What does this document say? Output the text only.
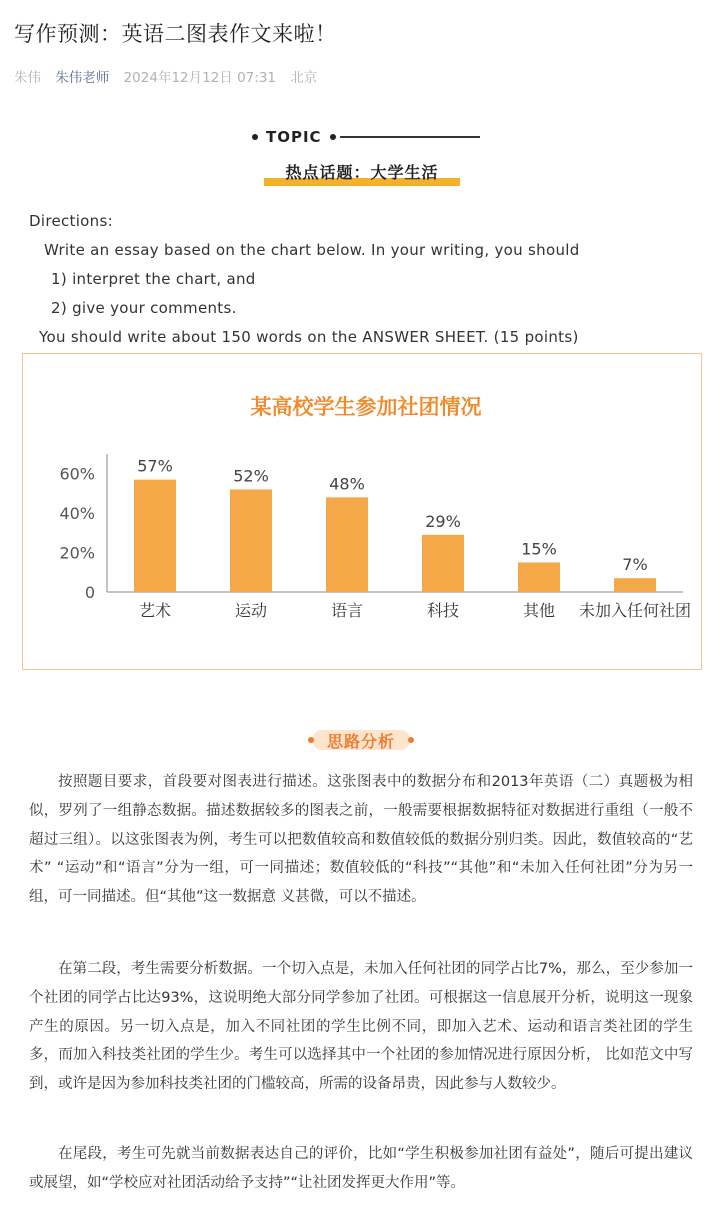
写作预测：英语二图表作文来啦！
朱伟 朱伟老师 2024年12月12日 07:31 北京
TOPIC
热点话题：大学生活
Directions:
Write an essay based on the chart below. In your writing, you should
1) interpret the chart, and
2) give your comments.
You should write about 150 words on the ANSWER SHEET. (15 points)
某高校学生参加社团情况
0
20%
40%
60%	57%
艺术
52%
运动
48%
语言
29%
科技
15%
其他
7%
未加入任何社团
思路分析

按照题目要求，首段要对图表进行描述。这张图表中的数据分布和2013年英语（二）真题极为相似，罗列了一组静态数据。描述数据较多的图表之前，一般需要根据数据特征对数据进行重组（一般不超过三组）。以这张图表为例，考生可以把数值较高和数值较低的数据分别归类。因此，数值较高的“艺术” “运动”和“语言”分为一组，可一同描述；数值较低的“科技”“其他”和“未加入任何社团”分为另一组，可一同描述。但“其他”这一数据意 义甚微，可以不描述。

在第二段，考生需要分析数据。一个切入点是，未加入任何社团的同学占比7%，那么，至少参加一个社团的同学占比达93%，这说明绝大部分同学参加了社团。可根据这一信息展开分析，说明这一现象产生的原因。另一切入点是，加入不同社团的学生比例不同，即加入艺术、运动和语言类社团的学生多，而加入科技类社团的学生少。考生可以选择其中一个社团的参加情况进行原因分析， 比如范文中写到，或许是因为参加科技类社团的门槛较高，所需的设备昂贵，因此参与人数较少。

在尾段，考生可先就当前数据表达自己的评价，比如“学生积极参加社团有益处”，随后可提出建议或展望，如“学校应对社团活动给予支持”“让社团发挥更大作用”等。
